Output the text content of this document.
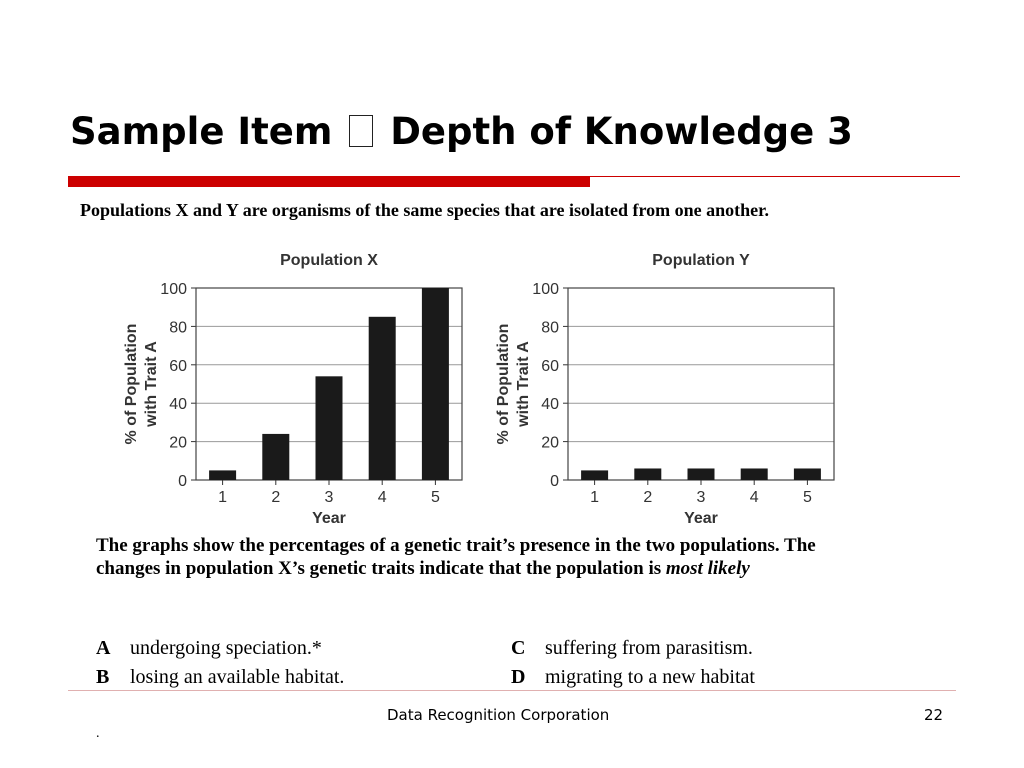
Sample Item Depth of Knowledge 3
Populations X and Y are organisms of the same species that are isolated from one another.
Population X
0
20
40
60
80
100
1	2	3	4	5
Year
% of Population with Trait A
Population Y
0
20
40
60
80
100
1	2	3	4	5
Year
% of Population with Trait A
The graphs show the percentages of a genetic trait’s presence in the two populations. The changes in population X’s genetic traits indicate that the population is most likely
A undergoing speciation.*
B losing an available habitat.
C suffering from parasitism.
D migrating to a new habitat
Data Recognition Corporation	22
.
